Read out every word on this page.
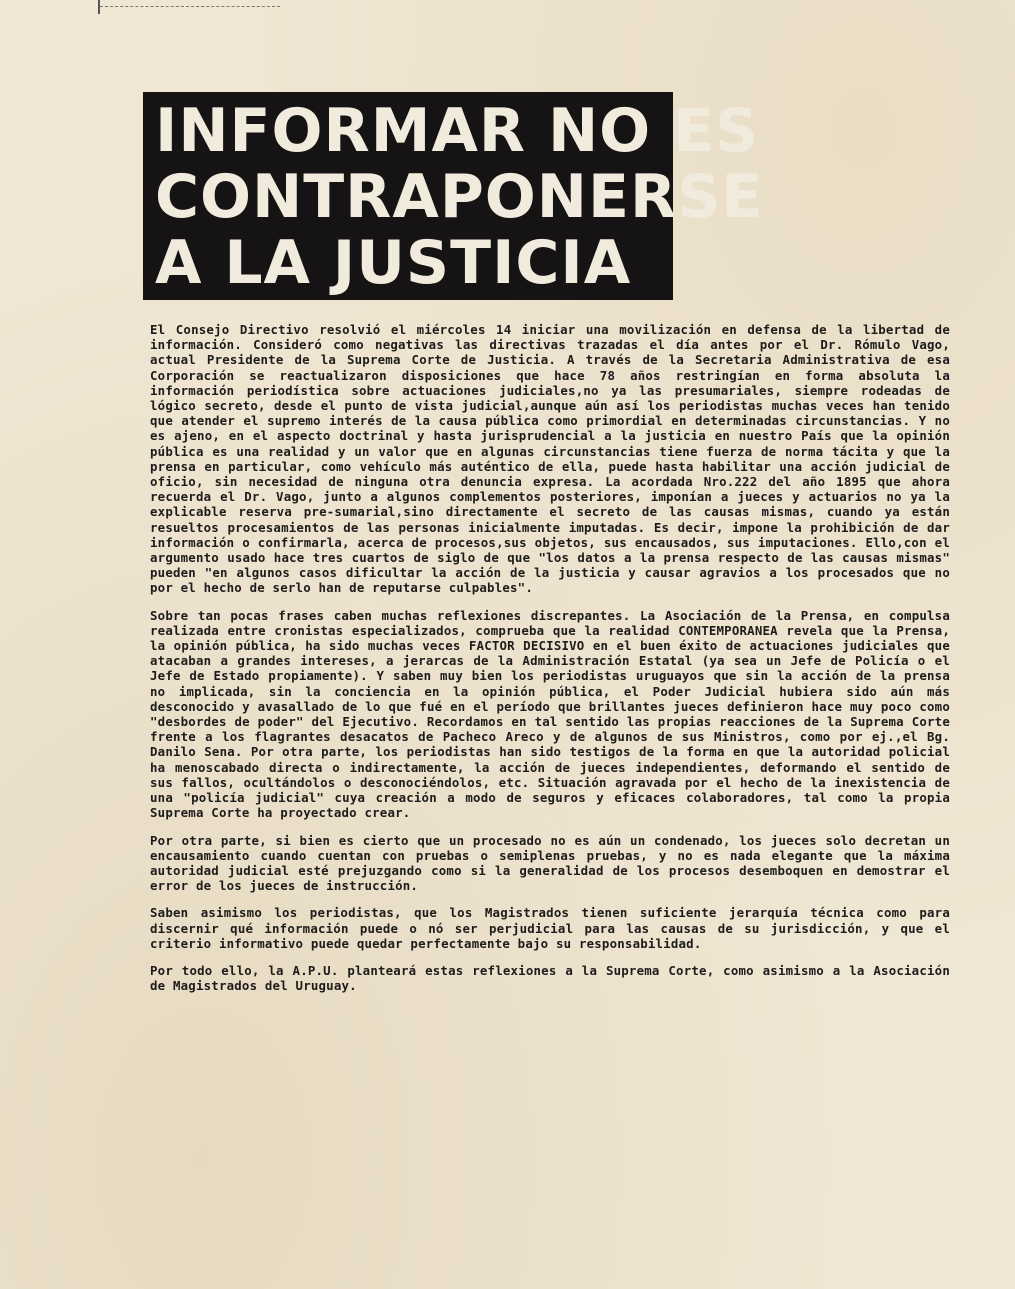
INFORMAR NO ES
CONTRAPONERSE
A LA JUSTICIA

El Consejo Directivo resolvió el miércoles 14 iniciar una movilización en defensa de la libertad de información. Consideró como negativas las directivas trazadas el día antes por el Dr. Rómulo Vago, actual Presidente de la Suprema Corte de Justicia. A través de la Secretaria Administrativa de esa Corporación se reactualizaron disposiciones que hace 78 años restringían en forma absoluta la información periodística sobre actuaciones judiciales,no ya las presumariales, siempre rodeadas de lógico secreto, desde el punto de vista judicial,aunque aún así los periodistas muchas veces han tenido que atender el supremo interés de la causa pública como primordial en determinadas circunstancias. Y no es ajeno, en el aspecto doctrinal y hasta jurisprudencial a la justicia en nuestro País que la opinión pública es una realidad y un valor que en algunas circunstancias tiene fuerza de norma tácita y que la prensa en particular, como vehículo más auténtico de ella, puede hasta habilitar una acción judicial de oficio, sin necesidad de ninguna otra denuncia expresa. La acordada Nro.222 del año 1895 que ahora recuerda el Dr. Vago, junto a algunos complementos posteriores, imponían a jueces y actuarios no ya la explicable reserva pre-sumarial,sino directamente el secreto de las causas mismas, cuando ya están resueltos procesamientos de las personas inicialmente imputadas. Es decir, impone la prohibición de dar información o confirmarla, acerca de procesos,sus objetos, sus encausados, sus imputaciones. Ello,con el argumento usado hace tres cuartos de siglo de que "los datos a la prensa respecto de las causas mismas" pueden "en algunos casos dificultar la acción de la justicia y causar agravios a los procesados que no por el hecho de serlo han de reputarse culpables".

Sobre tan pocas frases caben muchas reflexiones discrepantes. La Asociación de la Prensa, en compulsa realizada entre cronistas especializados, comprueba que la realidad CONTEMPORANEA revela que la Prensa, la opinión pública, ha sido muchas veces FACTOR DECISIVO en el buen éxito de actuaciones judiciales que atacaban a grandes intereses, a jerarcas de la Administración Estatal (ya sea un Jefe de Policía o el Jefe de Estado propiamente). Y saben muy bien los periodistas uruguayos que sin la acción de la prensa no implicada, sin la conciencia en la opinión pública, el Poder Judicial hubiera sido aún más desconocido y avasallado de lo que fué en el período que brillantes jueces definieron hace muy poco como "desbordes de poder" del Ejecutivo. Recordamos en tal sentido las propias reacciones de la Suprema Corte frente a los flagrantes desacatos de Pacheco Areco y de algunos de sus Ministros, como por ej.,el Bg. Danilo Sena. Por otra parte, los periodistas han sido testigos de la forma en que la autoridad policial ha menoscabado directa o indirectamente, la acción de jueces independientes, deformando el sentido de sus fallos, ocultándolos o desconociéndolos, etc. Situación agravada por el hecho de la inexistencia de una "policía judicial" cuya creación a modo de seguros y eficaces colaboradores, tal como la propia Suprema Corte ha proyectado crear.

Por otra parte, si bien es cierto que un procesado no es aún un condenado, los jueces solo decretan un encausamiento cuando cuentan con pruebas o semiplenas pruebas, y no es nada elegante que la máxima autoridad judicial esté prejuzgando como si la generalidad de los procesos desemboquen en demostrar el error de los jueces de instrucción.

Saben asimismo los periodistas, que los Magistrados tienen suficiente jerarquía técnica como para discernir qué información puede o nó ser perjudicial para las causas de su jurisdicción, y que el criterio informativo puede quedar perfectamente bajo su responsabilidad.

Por todo ello, la A.P.U. planteará estas reflexiones a la Suprema Corte, como asimismo a la Asociación de Magistrados del Uruguay.
